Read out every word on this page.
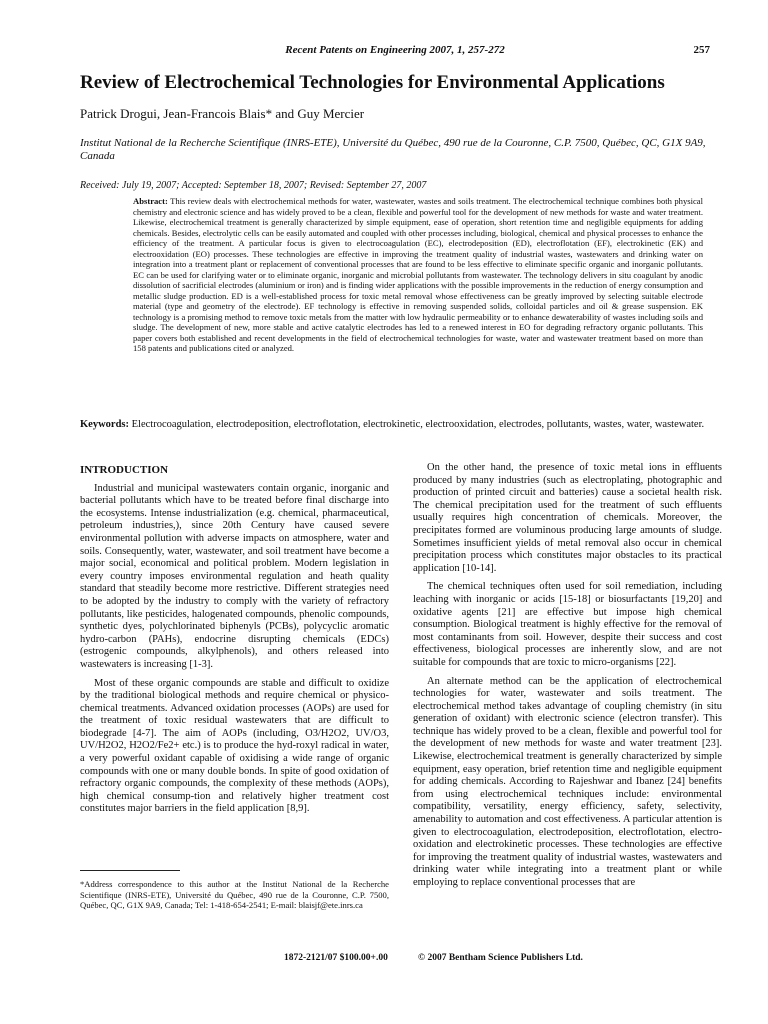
Recent Patents on Engineering 2007, 1, 257-272	257
Review of Electrochemical Technologies for Environmental Applications
Patrick Drogui, Jean-Francois Blais* and Guy Mercier

Institut National de la Recherche Scientifique (INRS-ETE), Université du Québec, 490 rue de la Couronne, C.P. 7500, Québec, QC, G1X 9A9, Canada

Received: July 19, 2007; Accepted: September 18, 2007; Revised: September 27, 2007

Abstract: This review deals with electrochemical methods for water, wastewater, wastes and soils treatment. The electrochemical technique combines both physical chemistry and electronic science and has widely proved to be a clean, flexible and powerful tool for the development of new methods for waste and water treatment. Likewise, electrochemical treatment is generally characterized by simple equipment, ease of operation, short retention time and negligible equipments for adding chemicals. Besides, electrolytic cells can be easily automated and coupled with other processes including, biological, chemical and physical processes to enhance the efficiency of the treatment. A particular focus is given to electrocoagulation (EC), electrodeposition (ED), electroflotation (EF), electrokinetic (EK) and electrooxidation (EO) processes. These technologies are effective in improving the treatment quality of industrial wastes, wastewaters and drinking water on integration into a treatment plant or replacement of conventional processes that are found to be less effective to eliminate specific organic and inorganic pollutants. EC can be used for clarifying water or to eliminate organic, inorganic and microbial pollutants from wastewater. The technology delivers in situ coagulant by anodic dissolution of sacrificial electrodes (aluminium or iron) and is finding wider applications with the possible improvements in the reduction of energy consumption and metallic sludge production. ED is a well-established process for toxic metal removal whose effectiveness can be greatly improved by selecting suitable electrode material (type and geometry of the electrode). EF technology is effective in removing suspended solids, colloidal particles and oil & grease suspension. EK technology is a promising method to remove toxic metals from the matter with low hydraulic permeability or to enhance dewaterability of wastes including soils and sludge. The development of new, more stable and active catalytic electrodes has led to a renewed interest in EO for degrading refractory organic pollutants. This paper covers both established and recent developments in the field of electrochemical technologies for waste, water and wastewater treatment based on more than 158 patents and publications cited or analyzed.

Keywords: Electrocoagulation, electrodeposition, electroflotation, electrokinetic, electrooxidation, electrodes, pollutants, wastes, water, wastewater.

INTRODUCTION

Industrial and municipal wastewaters contain organic, inorganic and bacterial pollutants which have to be treated before final discharge into the ecosystems. Intense industrialization (e.g. chemical, pharmaceutical, petroleum industries,), since 20th Century have caused severe environmental pollution with adverse impacts on atmosphere, water and soils. Consequently, water, wastewater, and soil treatment have become a major social, economical and political problem. Modern legislation in every country imposes environmental regulation and heath quality standard that steadily become more restrictive. Different strategies need to be adopted by the industry to comply with the variety of refractory pollutants, like pesticides, halogenated compounds, phenolic compounds, synthetic dyes, polychlorinated biphenyls (PCBs), polycyclic aromatic hydro-carbon (PAHs), endocrine disrupting chemicals (EDCs) (estrogenic compounds, alkylphenols), and others released into wastewaters is increasing [1-3].

Most of these organic compounds are stable and difficult to oxidize by the traditional biological methods and require chemical or physico-chemical treatments. Advanced oxidation processes (AOPs) are used for the treatment of toxic residual wastewaters that are difficult to biodegrade [4-7]. The aim of AOPs (including, O3/H2O2, UV/O3, UV/H2O2, H2O2/Fe2+ etc.) is to produce the hyd-roxyl radical in water, a very powerful oxidant capable of oxidising a wide range of organic compounds with one or many double bonds. In spite of good oxidation of refractory organic compounds, the complexity of these methods (AOPs), high chemical consump-tion and relatively higher treatment cost constitutes major barriers in the field application [8,9].

*Address correspondence to this author at the Institut National de la Recherche Scientifique (INRS-ETE), Université du Québec, 490 rue de la Couronne, C.P. 7500, Québec, QC, G1X 9A9, Canada; Tel: 1-418-654-2541; E-mail: blaisjf@ete.inrs.ca

On the other hand, the presence of toxic metal ions in effluents produced by many industries (such as electroplating, photographic and production of printed circuit and batteries) cause a societal health risk. The chemical precipitation used for the treatment of such effluents usually requires high concentration of chemicals. Moreover, the precipitates formed are voluminous producing large amounts of sludge. Sometimes insufficient yields of metal removal also occur in chemical precipitation process which constitutes major obstacles to its practical application [10-14].

The chemical techniques often used for soil remediation, including leaching with inorganic or acids [15-18] or biosurfactants [19,20] and oxidative agents [21] are effective but impose high chemical consumption. Biological treatment is highly effective for the removal of most contaminants from soil. However, despite their success and cost effectiveness, biological processes are inherently slow, and are not suitable for compounds that are toxic to micro-organisms [22].

An alternate method can be the application of electrochemical technologies for water, wastewater and soils treatment. The electrochemical method takes advantage of coupling chemistry (in situ generation of oxidant) with electronic science (electron transfer). This technique has widely proved to be a clean, flexible and powerful tool for the development of new methods for waste and water treatment [23]. Likewise, electrochemical treatment is generally characterized by simple equipment, easy operation, brief retention time and negligible equipment for adding chemicals. According to Rajeshwar and Ibanez [24] benefits from using electrochemical techniques include: environmental compatibility, versatility, energy efficiency, safety, selectivity, amenability to automation and cost effectiveness. A particular attention is given to electrocoagulation, electrodeposition, electroflotation, electro-oxidation and electrokinetic processes. These technologies are effective for improving the treatment quality of industrial wastes, wastewaters and drinking water while integrating into a treatment plant or while employing to replace conventional processes that are

1872-2121/07 $100.00+.00	© 2007 Bentham Science Publishers Ltd.
